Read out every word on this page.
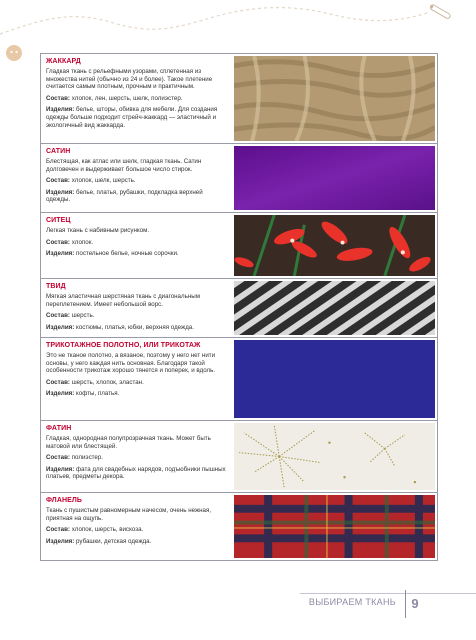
ЖАККАРД
Гладкая ткань с рельефными узорами, сплетенная из множества нитей (обычно из 24 и более). Такое плетение считается самым плотным, прочным и практичным.
Состав: хлопок, лен, шерсть, шелк, полиэстер.
Изделия: белье, шторы, обивка для мебели. Для создания одежды больше подходит стрейч-жаккард — эластичный и экологичный вид жаккарда.
САТИН
Блестящая, как атлас или шелк, гладкая ткань. Сатин долговечен и выдерживает большое число стирок.
Состав: хлопок, шелк, шерсть.
Изделия: белье, платья, рубашки, подкладка верхней одежды.
СИТЕЦ
Легкая ткань с набивным рисунком.
Состав: хлопок.
Изделия: постельное белье, ночные сорочки.
ТВИД
Мягкая эластичная шерстяная ткань с диагональным переплетением. Имеет небольшой ворс.
Состав: шерсть.
Изделия: костюмы, платья, юбки, верхняя одежда.
ТРИКОТАЖНОЕ ПОЛОТНО, ИЛИ ТРИКОТАЖ
Это не тканое полотно, а вязаное, поэтому у него нет нити основы, у него каждая нить основная. Благодаря такой особенности трикотаж хорошо тянется и поперек, и вдоль.
Состав: шерсть, хлопок, эластан.
Изделия: кофты, платья.
ФАТИН
Гладкая, однородная полупрозрачная ткань. Может быть матовой или блестящей.
Состав: полиэстер.
Изделия: фата для свадебных нарядов, подъюбники пышных платьев, предметы декора.
ФЛАНЕЛЬ
Ткань с пушистым равномерным начесом, очень нежная, приятная на ощупь.
Состав: хлопок, шерсть, вискоза.
Изделия: рубашки, детская одежда.
ВЫБИРАЕМ ТКАНЬ	9
